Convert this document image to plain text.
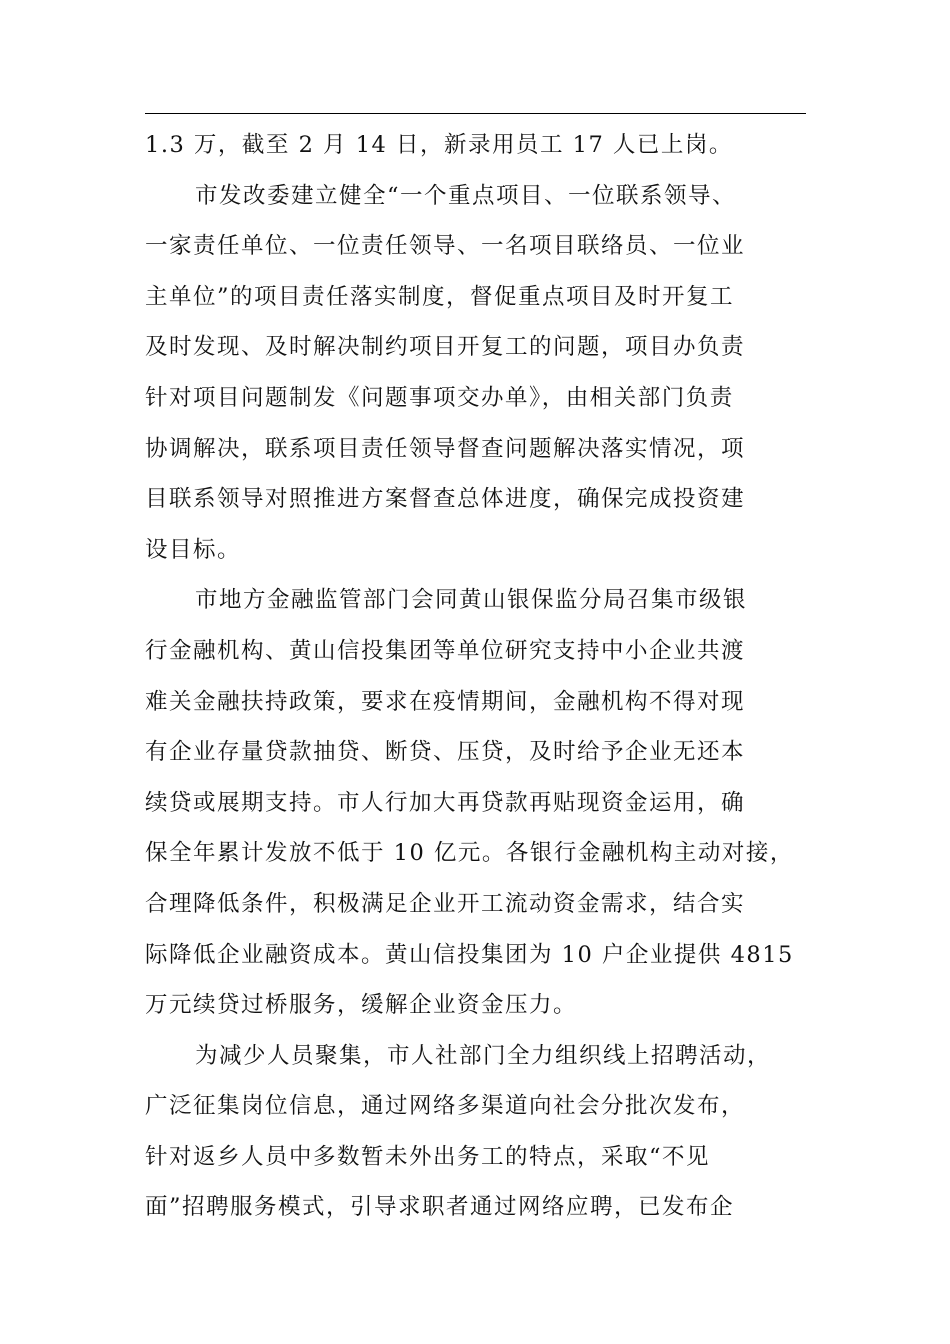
1.3 万，截至 2 月 14 日，新录用员工 17 人已上岗。
市发改委建立健全“一个重点项目、一位联系领导、
一家责任单位、一位责任领导、一名项目联络员、一位业
主单位”的项目责任落实制度，督促重点项目及时开复工
及时发现、及时解决制约项目开复工的问题，项目办负责
针对项目问题制发《问题事项交办单》，由相关部门负责
协调解决，联系项目责任领导督查问题解决落实情况，项
目联系领导对照推进方案督查总体进度，确保完成投资建
设目标。
市地方金融监管部门会同黄山银保监分局召集市级银
行金融机构、黄山信投集团等单位研究支持中小企业共渡
难关金融扶持政策，要求在疫情期间，金融机构不得对现
有企业存量贷款抽贷、断贷、压贷，及时给予企业无还本
续贷或展期支持。市人行加大再贷款再贴现资金运用，确
保全年累计发放不低于 10 亿元。各银行金融机构主动对接，
合理降低条件，积极满足企业开工流动资金需求，结合实
际降低企业融资成本。黄山信投集团为 10 户企业提供 4815
万元续贷过桥服务，缓解企业资金压力。
为减少人员聚集，市人社部门全力组织线上招聘活动，
广泛征集岗位信息，通过网络多渠道向社会分批次发布，
针对返乡人员中多数暂未外出务工的特点，采取“不见
面”招聘服务模式，引导求职者通过网络应聘，已发布企
